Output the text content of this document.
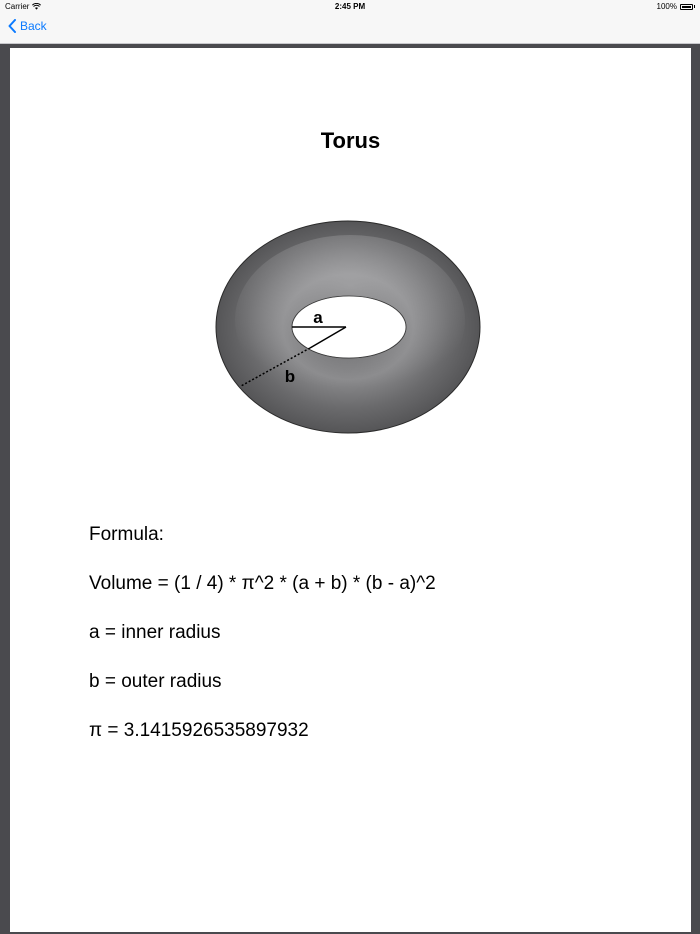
Carrier	2:45 PM	100%
Back
Torus
a
b
Formula:
Volume = (1 / 4) * π^2 * (a + b) * (b - a)^2
a = inner radius
b = outer radius
π = 3.1415926535897932
